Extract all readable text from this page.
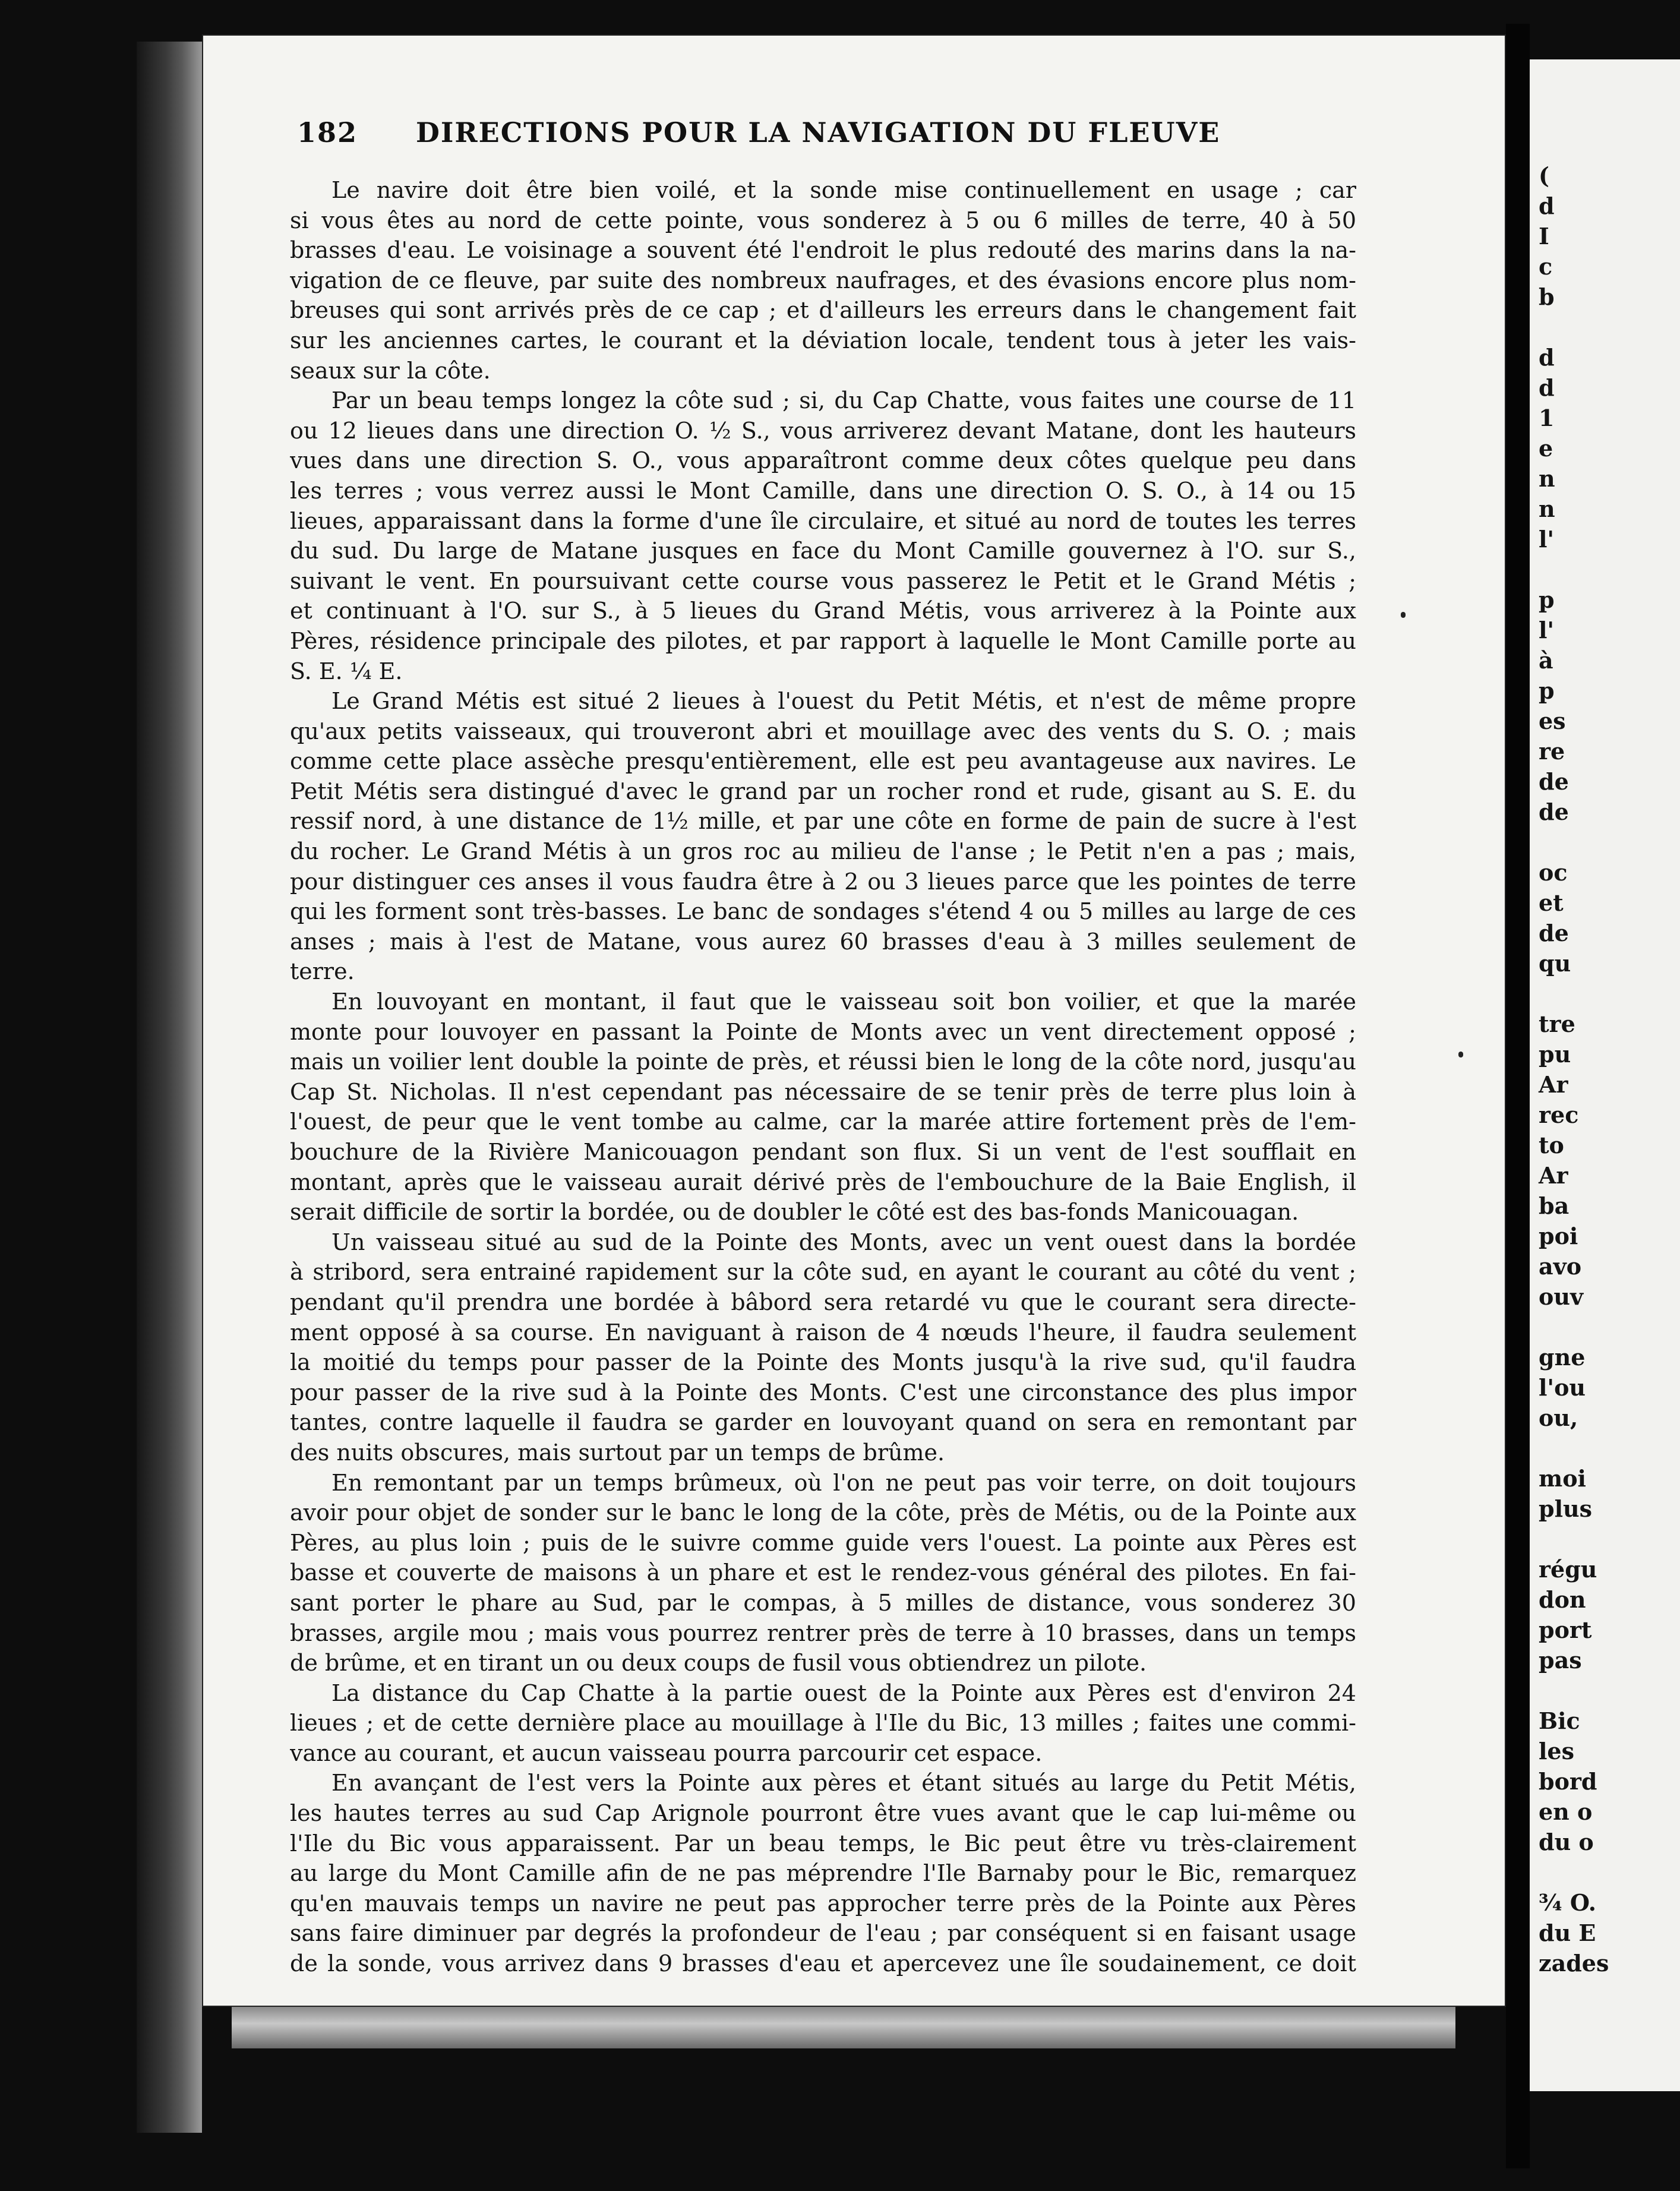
182 DIRECTIONS POUR LA NAVIGATION DU FLEUVE
Le navire doit être bien voilé, et la sonde mise continuellement en usage ; car
si vous êtes au nord de cette pointe, vous sonderez à 5 ou 6 milles de terre, 40 à 50
brasses d'eau. Le voisinage a souvent été l'endroit le plus redouté des marins dans la na-
vigation de ce fleuve, par suite des nombreux naufrages, et des évasions encore plus nom-
breuses qui sont arrivés près de ce cap ; et d'ailleurs les erreurs dans le changement fait
sur les anciennes cartes, le courant et la déviation locale, tendent tous à jeter les vais-
seaux sur la côte.
Par un beau temps longez la côte sud ; si, du Cap Chatte, vous faites une course de 11
ou 12 lieues dans une direction O. ½ S., vous arriverez devant Matane, dont les hauteurs
vues dans une direction S. O., vous apparaîtront comme deux côtes quelque peu dans
les terres ; vous verrez aussi le Mont Camille, dans une direction O. S. O., à 14 ou 15
lieues, apparaissant dans la forme d'une île circulaire, et situé au nord de toutes les terres
du sud. Du large de Matane jusques en face du Mont Camille gouvernez à l'O. sur S.,
suivant le vent. En poursuivant cette course vous passerez le Petit et le Grand Métis ;
et continuant à l'O. sur S., à 5 lieues du Grand Métis, vous arriverez à la Pointe aux
Pères, résidence principale des pilotes, et par rapport à laquelle le Mont Camille porte au
S. E. ¼ E.
Le Grand Métis est situé 2 lieues à l'ouest du Petit Métis, et n'est de même propre
qu'aux petits vaisseaux, qui trouveront abri et mouillage avec des vents du S. O. ; mais
comme cette place assèche presqu'entièrement, elle est peu avantageuse aux navires. Le
Petit Métis sera distingué d'avec le grand par un rocher rond et rude, gisant au S. E. du
ressif nord, à une distance de 1½ mille, et par une côte en forme de pain de sucre à l'est
du rocher. Le Grand Métis à un gros roc au milieu de l'anse ; le Petit n'en a pas ; mais,
pour distinguer ces anses il vous faudra être à 2 ou 3 lieues parce que les pointes de terre
qui les forment sont très-basses. Le banc de sondages s'étend 4 ou 5 milles au large de ces
anses ; mais à l'est de Matane, vous aurez 60 brasses d'eau à 3 milles seulement de
terre.
En louvoyant en montant, il faut que le vaisseau soit bon voilier, et que la marée
monte pour louvoyer en passant la Pointe de Monts avec un vent directement opposé ;
mais un voilier lent double la pointe de près, et réussi bien le long de la côte nord, jusqu'au
Cap St. Nicholas. Il n'est cependant pas nécessaire de se tenir près de terre plus loin à
l'ouest, de peur que le vent tombe au calme, car la marée attire fortement près de l'em-
bouchure de la Rivière Manicouagon pendant son flux. Si un vent de l'est soufflait en
montant, après que le vaisseau aurait dérivé près de l'embouchure de la Baie English, il
serait difficile de sortir la bordée, ou de doubler le côté est des bas-fonds Manicouagan.
Un vaisseau situé au sud de la Pointe des Monts, avec un vent ouest dans la bordée
à stribord, sera entrainé rapidement sur la côte sud, en ayant le courant au côté du vent ;
pendant qu'il prendra une bordée à bâbord sera retardé vu que le courant sera directe-
ment opposé à sa course. En naviguant à raison de 4 nœuds l'heure, il faudra seulement
la moitié du temps pour passer de la Pointe des Monts jusqu'à la rive sud, qu'il faudra
pour passer de la rive sud à la Pointe des Monts. C'est une circonstance des plus impor
tantes, contre laquelle il faudra se garder en louvoyant quand on sera en remontant par
des nuits obscures, mais surtout par un temps de brûme.
En remontant par un temps brûmeux, où l'on ne peut pas voir terre, on doit toujours
avoir pour objet de sonder sur le banc le long de la côte, près de Métis, ou de la Pointe aux
Pères, au plus loin ; puis de le suivre comme guide vers l'ouest. La pointe aux Pères est
basse et couverte de maisons à un phare et est le rendez-vous général des pilotes. En fai-
sant porter le phare au Sud, par le compas, à 5 milles de distance, vous sonderez 30
brasses, argile mou ; mais vous pourrez rentrer près de terre à 10 brasses, dans un temps
de brûme, et en tirant un ou deux coups de fusil vous obtiendrez un pilote.
La distance du Cap Chatte à la partie ouest de la Pointe aux Pères est d'environ 24
lieues ; et de cette dernière place au mouillage à l'Ile du Bic, 13 milles ; faites une commi-
vance au courant, et aucun vaisseau pourra parcourir cet espace.
En avançant de l'est vers la Pointe aux pères et étant situés au large du Petit Métis,
les hautes terres au sud Cap Arignole pourront être vues avant que le cap lui-même ou
l'Ile du Bic vous apparaissent. Par un beau temps, le Bic peut être vu très-clairement
au large du Mont Camille afin de ne pas méprendre l'Ile Barnaby pour le Bic, remarquez
qu'en mauvais temps un navire ne peut pas approcher terre près de la Pointe aux Pères
sans faire diminuer par degrés la profondeur de l'eau ; par conséquent si en faisant usage
de la sonde, vous arrivez dans 9 brasses d'eau et apercevez une île soudainement, ce doit
(
d
I
c
b
d
d
1
e
n
n
l'
p
l'
à
p
es
re
de
de
oc
et
de
qu
tre
pu
Ar
rec
to
Ar
ba
poi
avo
ouv
gne
l'ou
ou,
moi
plus
régu
don
port
pas
Bic
les
bord
en o
du o
¾ O.
du E
zades
